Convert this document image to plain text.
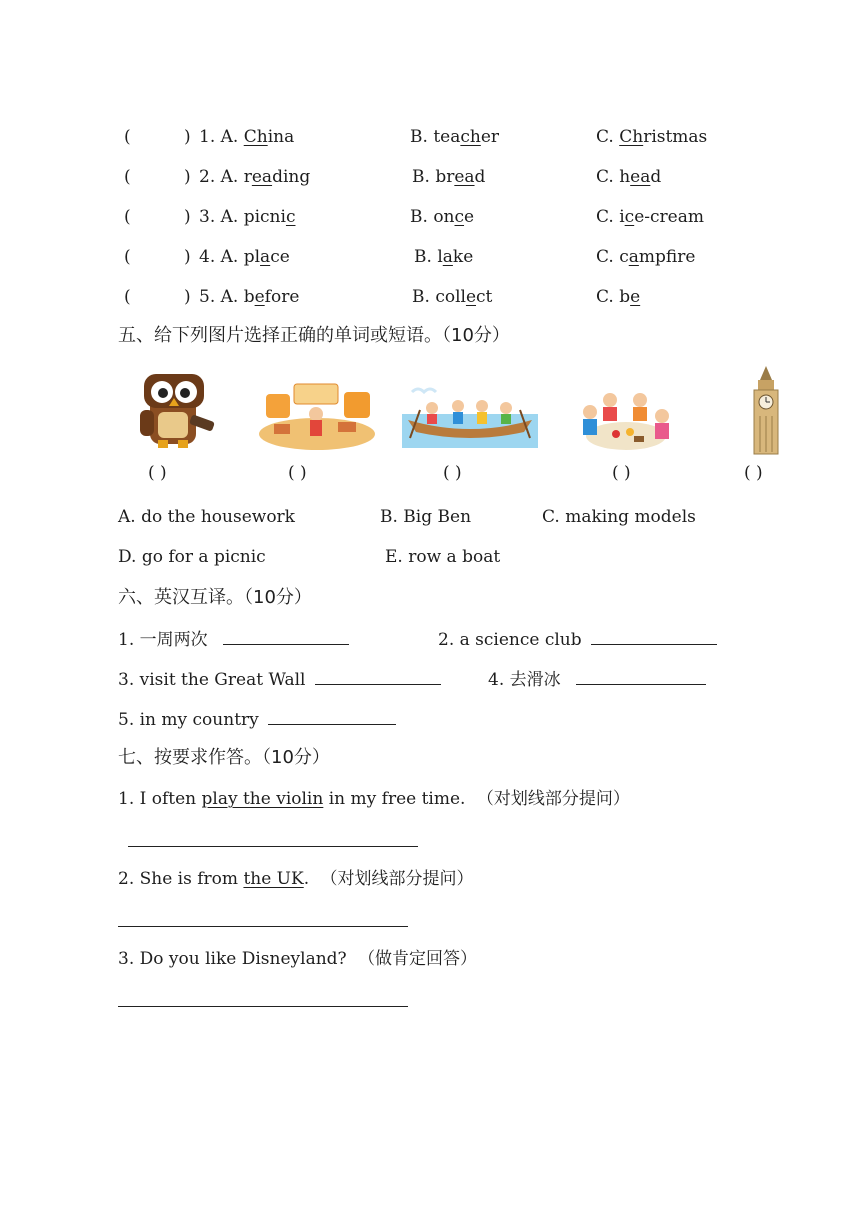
(	) 1. A. China	B. teacher	C. Christmas
(	) 2. A. reading	B. bread	C. head
(	) 3. A. picnic	B. once	C. ice-cream
(	) 4. A. place	B. lake	C. campfire
(	) 5. A. before	B. collect	C. be
五、给下列图片选择正确的单词或短语。（10分）
( )	( )	( )	( )	( )
A. do the housework	B. Big Ben	C. making models
D. go for a picnic	E. row a boat
六、英汉互译。（10分）
1. 一周两次	2. a science club
3. visit the Great Wall	4. 去滑冰
5. in my country
七、按要求作答。（10分）
1. I often play the violin in my free time. （对划线部分提问）
2. She is from the UK. （对划线部分提问）
3. Do you like Disneyland? （做肯定回答）
